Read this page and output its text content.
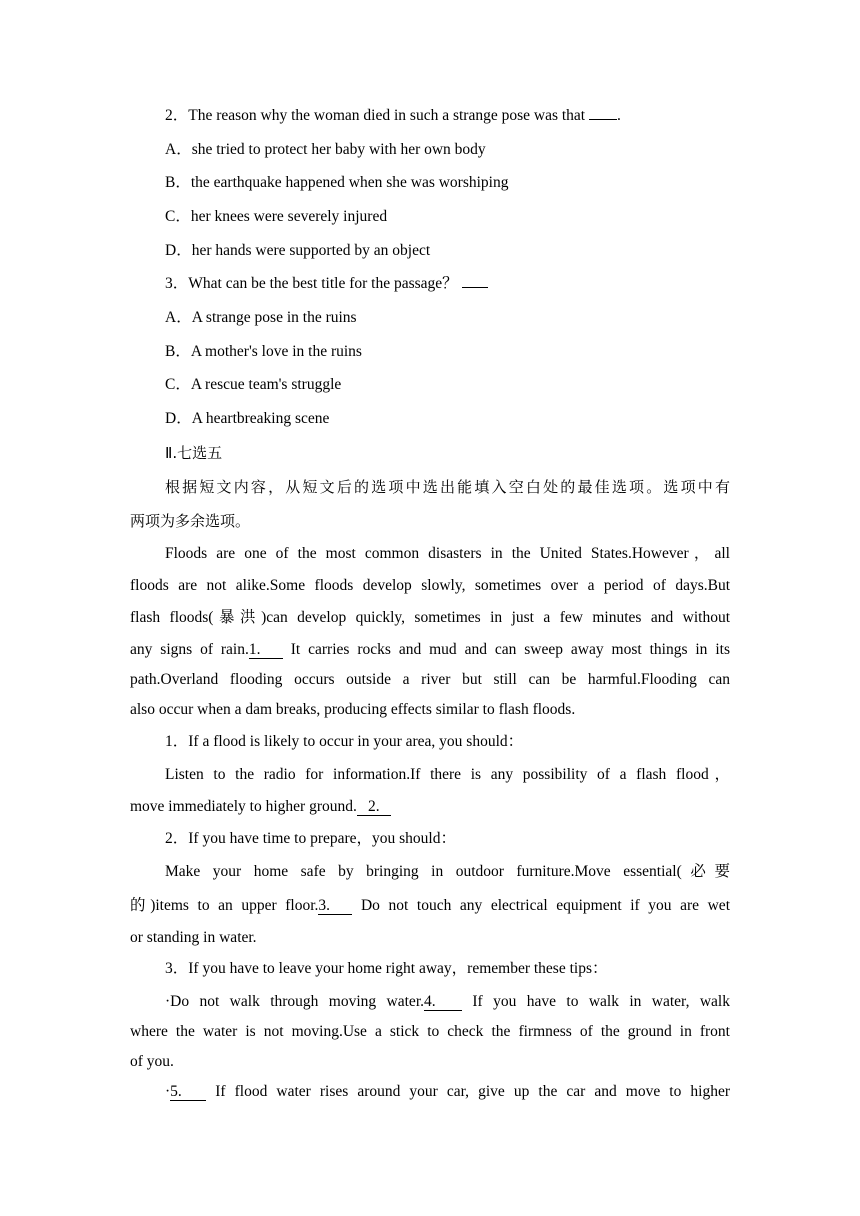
2．The reason why the woman died in such a strange pose was that .
A．she tried to protect her baby with her own body
B．the earthquake happened when she was worshiping
C．her knees were severely injured
D．her hands were supported by an object
3．What can be the best title for the passage？
A．A strange pose in the ruins
B．A mother's love in the ruins
C．A rescue team's struggle
D．A heartbreaking scene
Ⅱ.七选五
根据短文内容，从短文后的选项中选出能填入空白处的最佳选项。选项中有
两项为多余选项。
Floods are one of the most common disasters in the United States.However，all
floods are not alike.Some floods develop slowly, sometimes over a period of days.But
flash floods(暴洪)can develop quickly, sometimes in just a few minutes and without
any signs of rain.1. It carries rocks and mud and can sweep away most things in its
path.Overland flooding occurs outside a river but still can be harmful.Flooding can
also occur when a dam breaks, producing effects similar to flash floods.
1．If a flood is likely to occur in your area, you should：
Listen to the radio for information.If there is any possibility of a flash flood，
move immediately to higher ground. 2.
2．If you have time to prepare，you should：
Make your home safe by bringing in outdoor furniture.Move essential(必要
的)items to an upper floor.3. Do not touch any electrical equipment if you are wet
or standing in water.
3．If you have to leave your home right away，remember these tips：
·Do not walk through moving water.4. If you have to walk in water, walk
where the water is not moving.Use a stick to check the firmness of the ground in front
of you.
·5. If flood water rises around your car, give up the car and move to higher
